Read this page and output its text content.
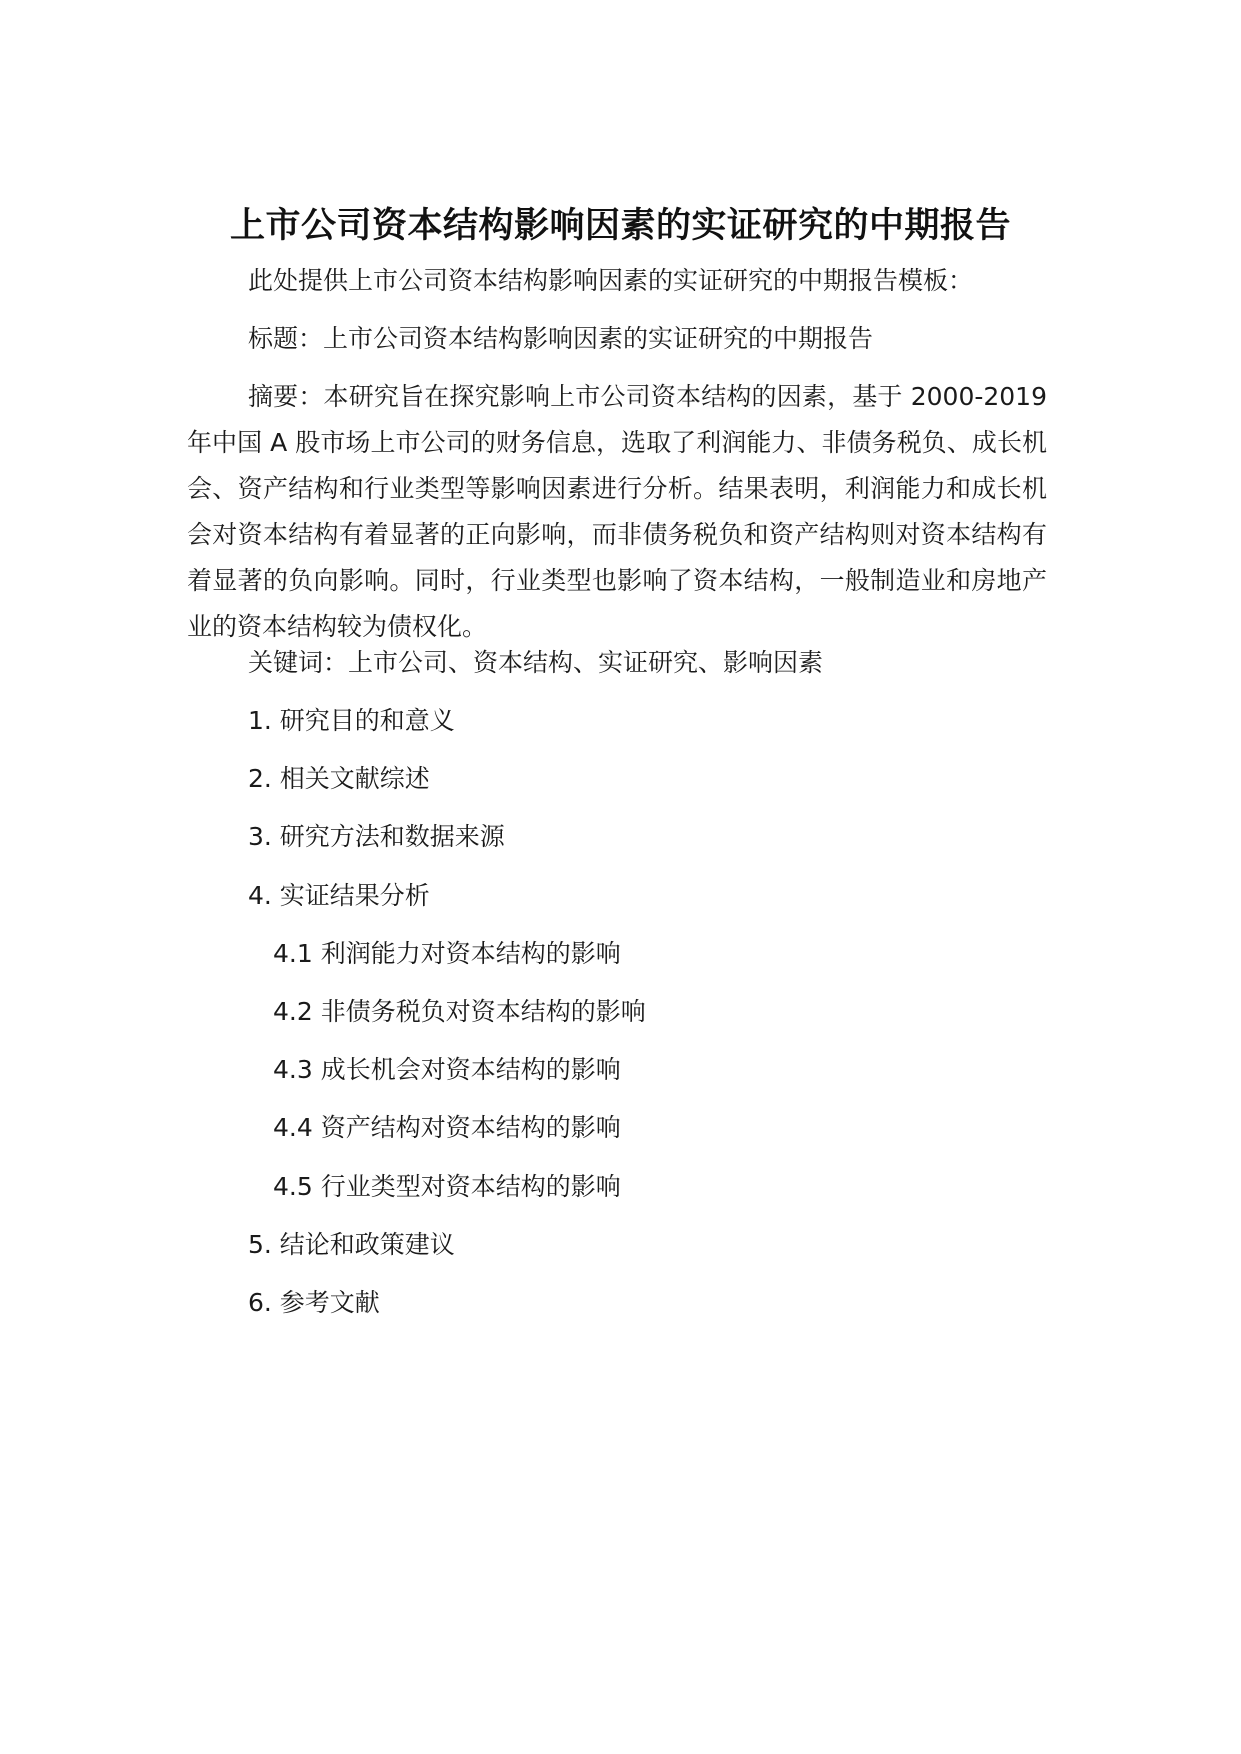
上市公司资本结构影响因素的实证研究的中期报告

此处提供上市公司资本结构影响因素的实证研究的中期报告模板：

标题：上市公司资本结构影响因素的实证研究的中期报告

摘要：本研究旨在探究影响上市公司资本结构的因素，基于 2000-2019 年中国 A 股市场上市公司的财务信息，选取了利润能力、非债务税负、成长机会、资产结构和行业类型等影响因素进行分析。结果表明，利润能力和成长机会对资本结构有着显著的正向影响，而非债务税负和资产结构则对资本结构有着显著的负向影响。同时，行业类型也影响了资本结构，一般制造业和房地产业的资本结构较为债权化。

关键词：上市公司、资本结构、实证研究、影响因素

1. 研究目的和意义

2. 相关文献综述

3. 研究方法和数据来源

4. 实证结果分析

4.1 利润能力对资本结构的影响

4.2 非债务税负对资本结构的影响

4.3 成长机会对资本结构的影响

4.4 资产结构对资本结构的影响

4.5 行业类型对资本结构的影响

5. 结论和政策建议

6. 参考文献
